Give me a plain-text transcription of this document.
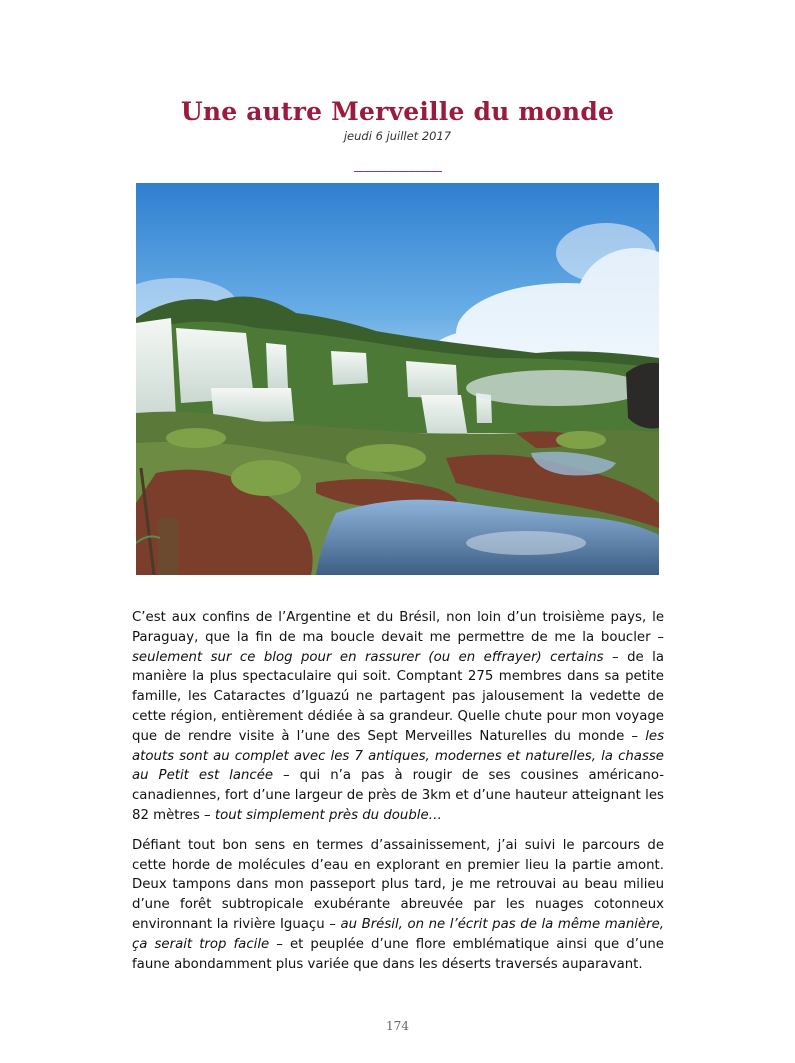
Une autre Merveille du monde
jeudi 6 juillet 2017
————————

C’est aux confins de l’Argentine et du Brésil, non loin d’un troisième pays, le Paraguay, que la fin de ma boucle devait me permettre de me la boucler – seulement sur ce blog pour en rassurer (ou en effrayer) certains – de la manière la plus spectaculaire qui soit. Comptant 275 membres dans sa petite famille, les Cataractes d’Iguazú ne partagent pas jalousement la vedette de cette région, entièrement dédiée à sa grandeur. Quelle chute pour mon voyage que de rendre visite à l’une des Sept Merveilles Naturelles du monde – les atouts sont au complet avec les 7 antiques, modernes et naturelles, la chasse au Petit est lancée – qui n’a pas à rougir de ses cousines américano-canadiennes, fort d’une largeur de près de 3km et d’une hauteur atteignant les 82 mètres – tout simplement près du double…

Défiant tout bon sens en termes d’assainissement, j’ai suivi le parcours de cette horde de molécules d’eau en explorant en premier lieu la partie amont. Deux tampons dans mon passeport plus tard, je me retrouvai au beau milieu d’une forêt subtropicale exubérante abreuvée par les nuages cotonneux environnant la rivière Iguaçu – au Brésil, on ne l’écrit pas de la même manière, ça serait trop facile – et peuplée d’une flore emblématique ainsi que d’une faune abondamment plus variée que dans les déserts traversés auparavant.

174
